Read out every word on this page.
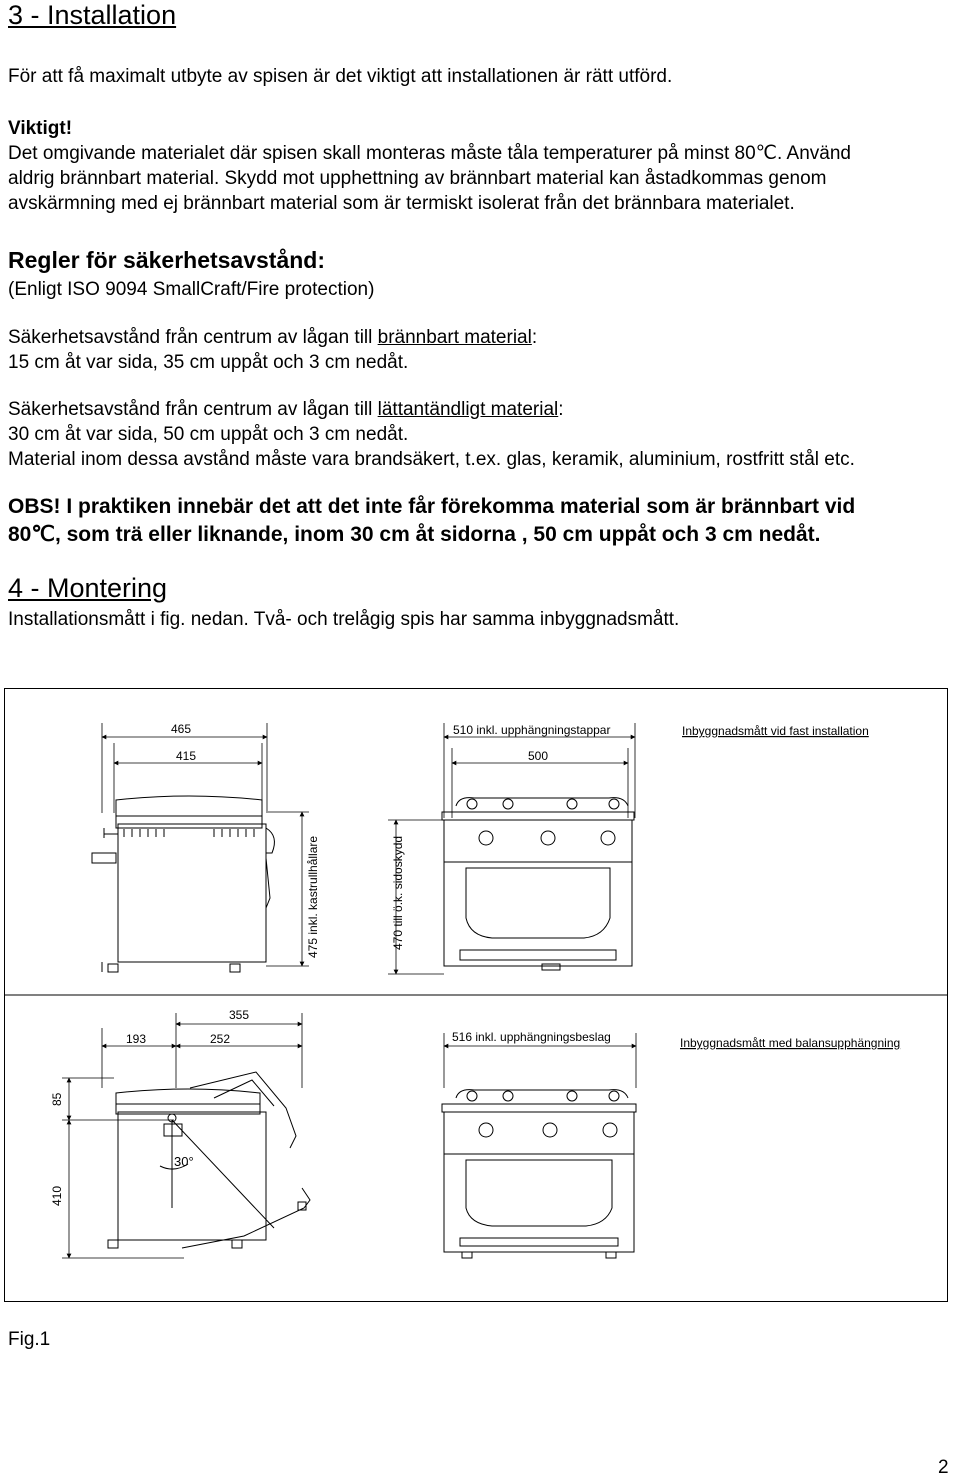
3 - Installation
För att få maximalt utbyte av spisen är det viktigt att installationen är rätt utförd.
Viktigt!
Det omgivande materialet där spisen skall monteras måste tåla temperaturer på minst 80℃. Använd
aldrig brännbart material. Skydd mot upphettning av brännbart material kan åstadkommas genom
avskärmning med ej brännbart material som är termiskt isolerat från det brännbara materialet.
Regler för säkerhetsavstånd:
(Enligt ISO 9094 SmallCraft/Fire protection)
Säkerhetsavstånd från centrum av lågan till brännbart material:
15 cm åt var sida, 35 cm uppåt och 3 cm nedåt.
Säkerhetsavstånd från centrum av lågan till lättantändligt material:
30 cm åt var sida, 50 cm uppåt och 3 cm nedåt.
Material inom dessa avstånd måste vara brandsäkert, t.ex. glas, keramik, aluminium, rostfritt stål etc.
OBS! I praktiken innebär det att det inte får förekomma material som är brännbart vid
80℃, som trä eller liknande, inom 30 cm åt sidorna , 50 cm uppåt och 3 cm nedåt.
4 - Montering
Installationsmått i fig. nedan. Två- och trelågig spis har samma inbyggnadsmått.
465
415
475 inkl. kastrullhållare	470 till ö.k. sidoskydd
510 inkl. upphängningstappar
500
Inbyggnadsmått vid fast installation
355
193	252	516 inkl. upphängningsbeslag	Inbyggnadsmått med balansupphängning
85
410
30°
Fig.1
2
